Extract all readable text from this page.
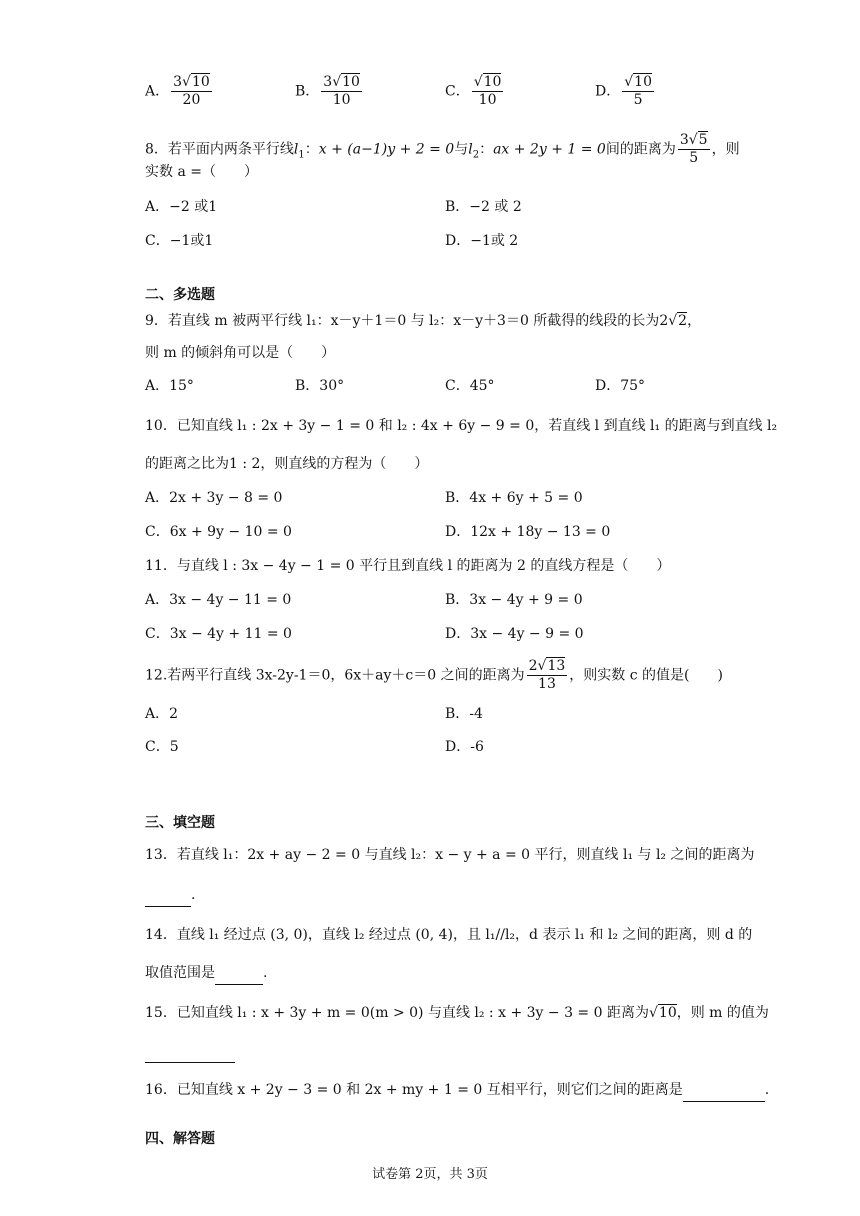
A． $\frac{3√10}{20}$	B． $\frac{3√10}{10}$	C． $\frac{√10}{10}$	D． $\frac{√10}{5}$
8．若平面内两条平行线$l_1$：x + (a−1)y + 2 = 0与$l_2$：ax + 2y + 1 = 0间的距离为 $\frac{3√5}{5}$ ，则
实数 a =（　　）
A．−2 或1	B．−2 或 2
C．−1或1	D．−1或 2
二、多选题
9．若直线 m 被两平行线 l₁：x－y＋1＝0 与 l₂：x－y＋3＝0 所截得的线段的长为2√2，
则 m 的倾斜角可以是（　　）
A．15°	B．30°	C．45°	D．75°
10．已知直线 l₁ : 2x + 3y − 1 = 0 和 l₂ : 4x + 6y − 9 = 0，若直线 l 到直线 l₁ 的距离与到直线 l₂
的距离之比为1 : 2，则直线的方程为（　　）
A．2x + 3y − 8 = 0	B．4x + 6y + 5 = 0
C．6x + 9y − 10 = 0	D．12x + 18y − 13 = 0
11．与直线 l : 3x − 4y − 1 = 0 平行且到直线 l 的距离为 2 的直线方程是（　　）
A．3x − 4y − 11 = 0	B．3x − 4y + 9 = 0
C．3x − 4y + 11 = 0	D．3x − 4y − 9 = 0
12.若两平行直线 3x-2y-1＝0，6x＋ay＋c＝0 之间的距离为 $\frac{2√13}{13}$ ，则实数 c 的值是(　　)
A．2	B．-4
C．5	D．-6
三、填空题
13．若直线 l₁：2x + ay − 2 = 0 与直线 l₂：x − y + a = 0 平行，则直线 l₁ 与 l₂ 之间的距离为
.
14．直线 l₁ 经过点 (3, 0)，直线 l₂ 经过点 (0, 4)，且 l₁//l₂，d 表示 l₁ 和 l₂ 之间的距离，则 d 的
取值范围是	.
15．已知直线 l₁ : x + 3y + m = 0(m > 0) 与直线 l₂ : x + 3y − 3 = 0 距离为√10，则 m 的值为

16．已知直线 x + 2y − 3 = 0 和 2x + my + 1 = 0 互相平行，则它们之间的距离是	.
四、解答题
试卷第 2页，共 3页
